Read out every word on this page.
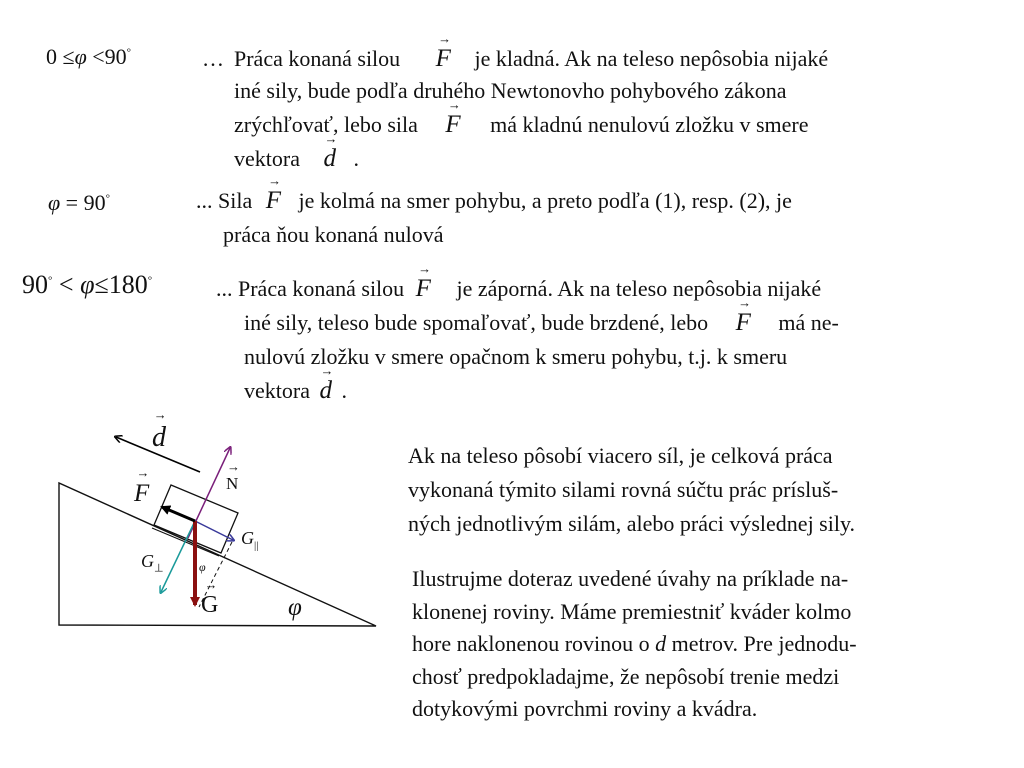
0 ≤φ <90°	… Práca konaná silou → F je kladná. Ak na teleso nepôsobia nijaké
iné sily, bude podľa druhého Newtonovho pohybového zákona
zrýchľovať, lebo sila → F má kladnú nenulovú zložku v smere
vektora → d .
φ = 90°	... Sila → F je kolmá na smer pohybu, a preto podľa (1), resp. (2), je
práca ňou konaná nulová
90° < φ≤180°	... Práca konaná silou → F je záporná. Ak na teleso nepôsobia nijaké
iné sily, teleso bude spomaľovať, bude brzdené, lebo → F má ne-
nulovú zložku v smere opačnom k smeru pohybu, t.j. k smeru
vektora → d .
→ d
→ F	→ N
$G_{||}$
$G_\perp$	φ
→ G	φ
Ak na teleso pôsobí viacero síl, je celková práca
vykonaná týmito silami rovná súčtu prác prísluš-
ných jednotlivým silám, alebo práci výslednej sily.
Ilustrujme doteraz uvedené úvahy na príklade na-
klonenej roviny. Máme premiestniť kváder kolmo
hore naklonenou rovinou o d metrov. Pre jednodu-
chosť predpokladajme, že nepôsobí trenie medzi
dotykovými povrchmi roviny a kvádra.
